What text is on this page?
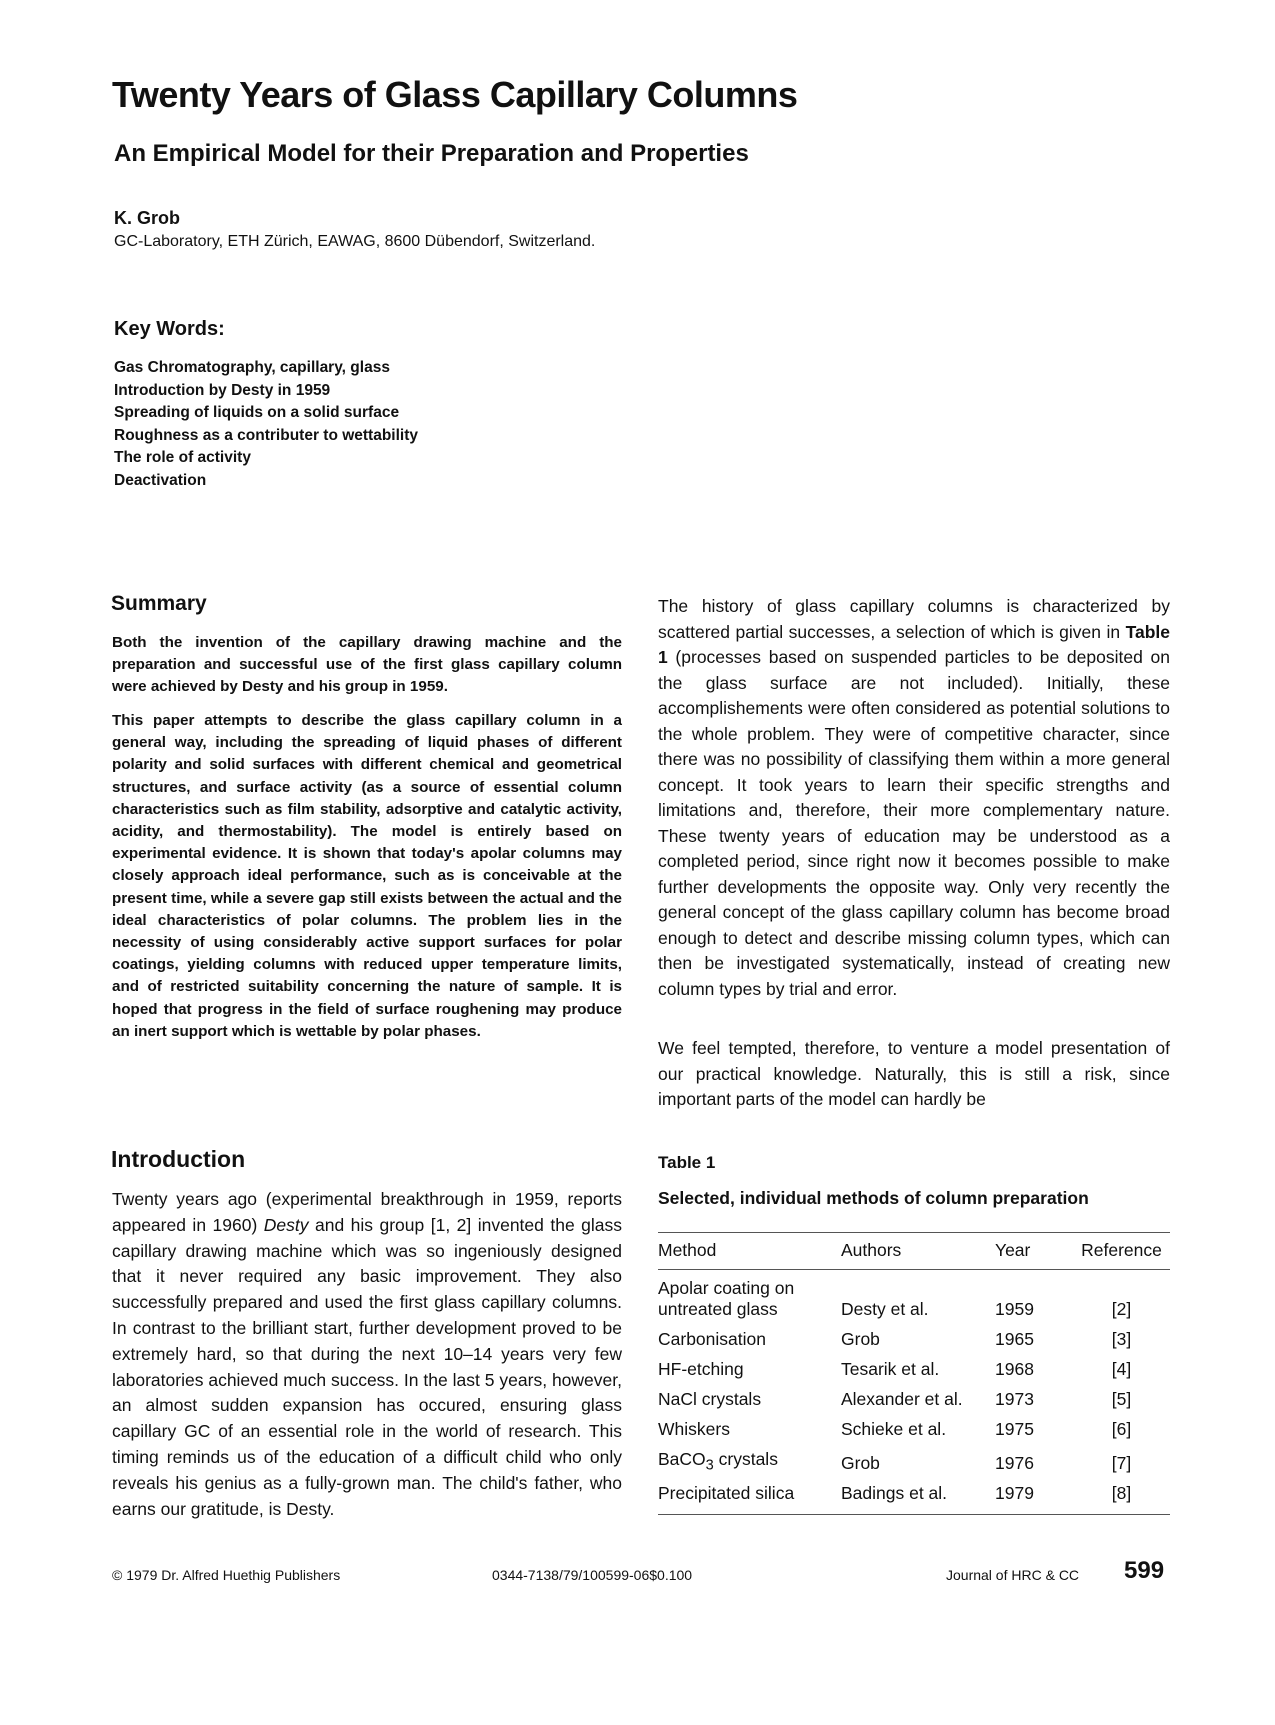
Twenty Years of Glass Capillary Columns
An Empirical Model for their Preparation and Properties
K. Grob
GC-Laboratory, ETH Zürich, EAWAG, 8600 Dübendorf, Switzerland.
Key Words:
Gas Chromatography, capillary, glass
Introduction by Desty in 1959
Spreading of liquids on a solid surface
Roughness as a contributer to wettability
The role of activity
Deactivation
Summary

Both the invention of the capillary drawing machine and the preparation and successful use of the first glass capillary column were achieved by Desty and his group in 1959.

This paper attempts to describe the glass capillary column in a general way, including the spreading of liquid phases of different polarity and solid surfaces with different chemical and geometrical structures, and surface activity (as a source of essential column characteristics such as film stability, adsorptive and catalytic activity, acidity, and thermostability). The model is entirely based on experimental evidence. It is shown that today's apolar columns may closely approach ideal performance, such as is conceivable at the present time, while a severe gap still exists between the actual and the ideal characteristics of polar columns. The problem lies in the necessity of using considerably active support surfaces for polar coatings, yielding columns with reduced upper temperature limits, and of restricted suitability concerning the nature of sample. It is hoped that progress in the field of surface roughening may produce an inert support which is wettable by polar phases.

Introduction

Twenty years ago (experimental breakthrough in 1959, reports appeared in 1960) Desty and his group [1, 2] invented the glass capillary drawing machine which was so ingeniously designed that it never required any basic improvement. They also successfully prepared and used the first glass capillary columns. In contrast to the brilliant start, further development proved to be extremely hard, so that during the next 10–14 years very few laboratories achieved much success. In the last 5 years, however, an almost sudden expansion has occured, ensuring glass capillary GC of an essential role in the world of research. This timing reminds us of the education of a difficult child who only reveals his genius as a fully-grown man. The child's father, who earns our gratitude, is Desty.

The history of glass capillary columns is characterized by scattered partial successes, a selection of which is given in Table 1 (processes based on suspended particles to be deposited on the glass surface are not included). Initially, these accomplishements were often considered as potential solutions to the whole problem. They were of competitive character, since there was no possibility of classifying them within a more general concept. It took years to learn their specific strengths and limitations and, therefore, their more complementary nature. These twenty years of education may be understood as a completed period, since right now it becomes possible to make further developments the opposite way. Only very recently the general concept of the glass capillary column has become broad enough to detect and describe missing column types, which can then be investigated systematically, instead of creating new column types by trial and error.

We feel tempted, therefore, to venture a model presentation of our practical knowledge. Naturally, this is still a risk, since important parts of the model can hardly be

Table 1
Selected, individual methods of column preparation
Method	Authors	Year	Reference
Apolar coating on untreated glass	Desty et al.	1959	[2]
Carbonisation	Grob	1965	[3]
HF-etching	Tesarik et al.	1968	[4]
NaCl crystals	Alexander et al.	1973	[5]
Whiskers	Schieke et al.	1975	[6]
BaCO$_3$ crystals	Grob	1976	[7]
Precipitated silica	Badings et al.	1979	[8]
© 1979 Dr. Alfred Huethig Publishers	0344-7138/79/100599-06$0.100	Journal of HRC & CC 599
